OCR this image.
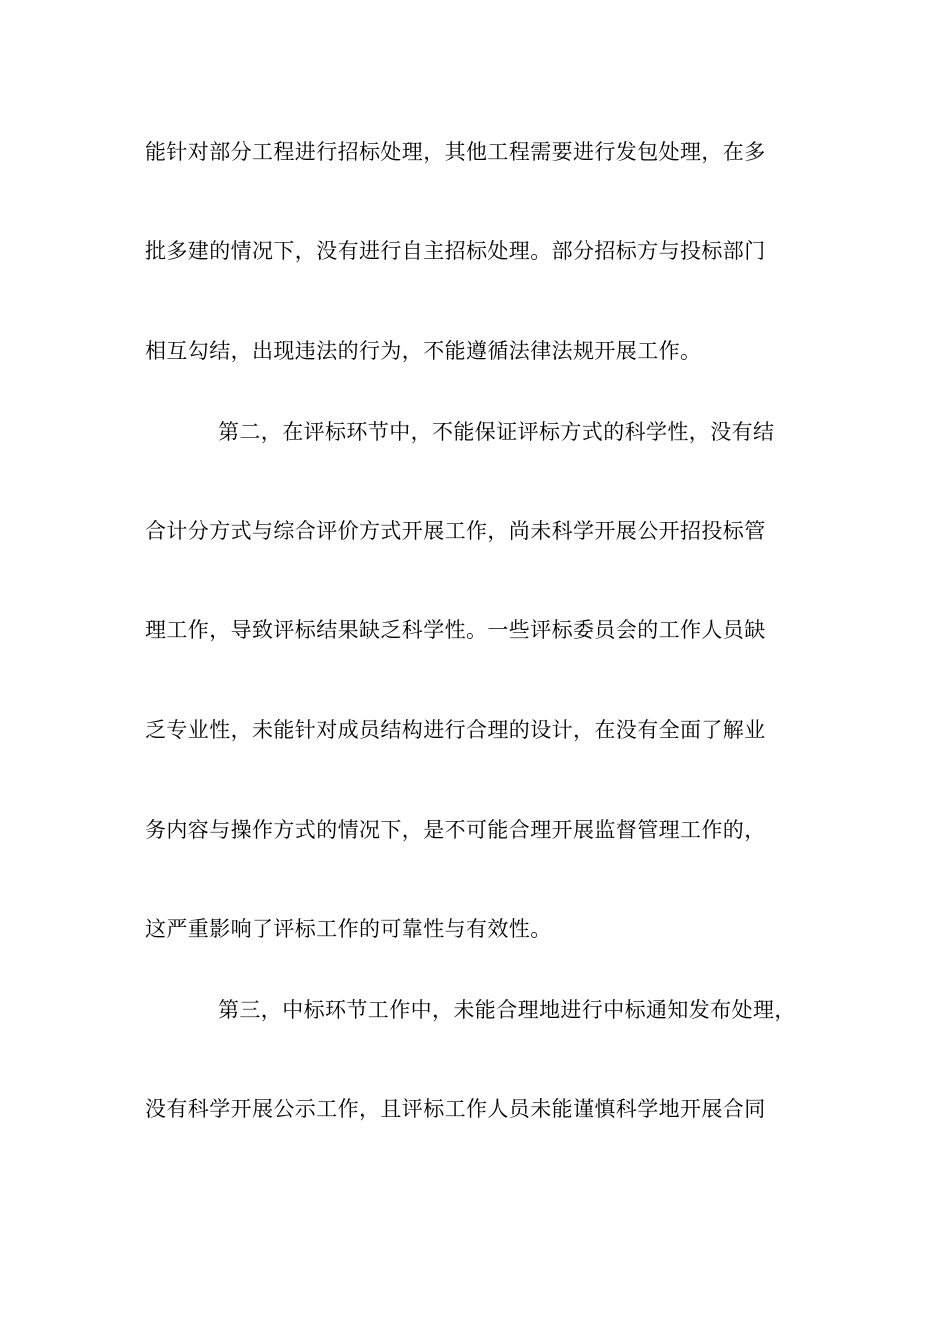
能针对部分工程进行招标处理，其他工程需要进行发包处理，在多
批多建的情况下，没有进行自主招标处理。部分招标方与投标部门
相互勾结，出现违法的行为，不能遵循法律法规开展工作。
第二，在评标环节中，不能保证评标方式的科学性，没有结
合计分方式与综合评价方式开展工作，尚未科学开展公开招投标管
理工作，导致评标结果缺乏科学性。一些评标委员会的工作人员缺
乏专业性，未能针对成员结构进行合理的设计，在没有全面了解业
务内容与操作方式的情况下，是不可能合理开展监督管理工作的，
这严重影响了评标工作的可靠性与有效性。
第三，中标环节工作中，未能合理地进行中标通知发布处理，
没有科学开展公示工作，且评标工作人员未能谨慎科学地开展合同
